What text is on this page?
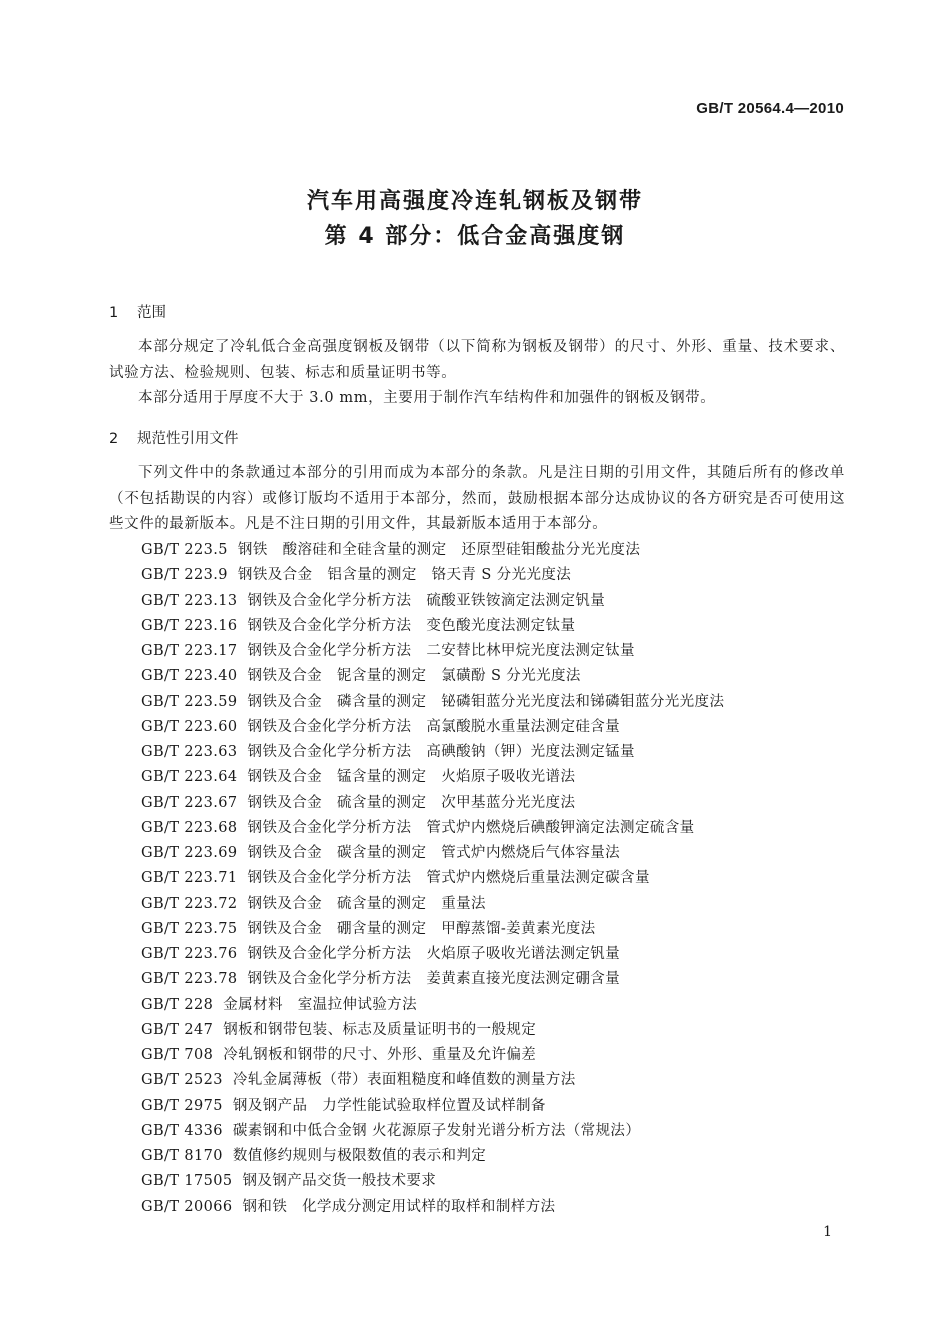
GB/T 20564.4—2010
汽车用高强度冷连轧钢板及钢带
第 4 部分：低合金高强度钢
1 范围
本部分规定了冷轧低合金高强度钢板及钢带（以下简称为钢板及钢带）的尺寸、外形、重量、技术要求、试验方法、检验规则、包装、标志和质量证明书等。
本部分适用于厚度不大于 3.0 mm，主要用于制作汽车结构件和加强件的钢板及钢带。
2 规范性引用文件
下列文件中的条款通过本部分的引用而成为本部分的条款。凡是注日期的引用文件，其随后所有的修改单（不包括勘误的内容）或修订版均不适用于本部分，然而，鼓励根据本部分达成协议的各方研究是否可使用这些文件的最新版本。凡是不注日期的引用文件，其最新版本适用于本部分。
GB/T 223.5 钢铁　酸溶硅和全硅含量的测定　还原型硅钼酸盐分光光度法
GB/T 223.9 钢铁及合金　铝含量的测定　铬天青 S 分光光度法
GB/T 223.13 钢铁及合金化学分析方法　硫酸亚铁铵滴定法测定钒量
GB/T 223.16 钢铁及合金化学分析方法　变色酸光度法测定钛量
GB/T 223.17 钢铁及合金化学分析方法　二安替比林甲烷光度法测定钛量
GB/T 223.40 钢铁及合金　铌含量的测定　氯磺酚 S 分光光度法
GB/T 223.59 钢铁及合金　磷含量的测定　铋磷钼蓝分光光度法和锑磷钼蓝分光光度法
GB/T 223.60 钢铁及合金化学分析方法　高氯酸脱水重量法测定硅含量
GB/T 223.63 钢铁及合金化学分析方法　高碘酸钠（钾）光度法测定锰量
GB/T 223.64 钢铁及合金　锰含量的测定　火焰原子吸收光谱法
GB/T 223.67 钢铁及合金　硫含量的测定　次甲基蓝分光光度法
GB/T 223.68 钢铁及合金化学分析方法　管式炉内燃烧后碘酸钾滴定法测定硫含量
GB/T 223.69 钢铁及合金　碳含量的测定　管式炉内燃烧后气体容量法
GB/T 223.71 钢铁及合金化学分析方法　管式炉内燃烧后重量法测定碳含量
GB/T 223.72 钢铁及合金　硫含量的测定　重量法
GB/T 223.75 钢铁及合金　硼含量的测定　甲醇蒸馏-姜黄素光度法
GB/T 223.76 钢铁及合金化学分析方法　火焰原子吸收光谱法测定钒量
GB/T 223.78 钢铁及合金化学分析方法　姜黄素直接光度法测定硼含量
GB/T 228 金属材料　室温拉伸试验方法
GB/T 247 钢板和钢带包装、标志及质量证明书的一般规定
GB/T 708 冷轧钢板和钢带的尺寸、外形、重量及允许偏差
GB/T 2523 冷轧金属薄板（带）表面粗糙度和峰值数的测量方法
GB/T 2975 钢及钢产品　力学性能试验取样位置及试样制备
GB/T 4336 碳素钢和中低合金钢 火花源原子发射光谱分析方法（常规法）
GB/T 8170 数值修约规则与极限数值的表示和判定
GB/T 17505 钢及钢产品交货一般技术要求
GB/T 20066 钢和铁　化学成分测定用试样的取样和制样方法
1
